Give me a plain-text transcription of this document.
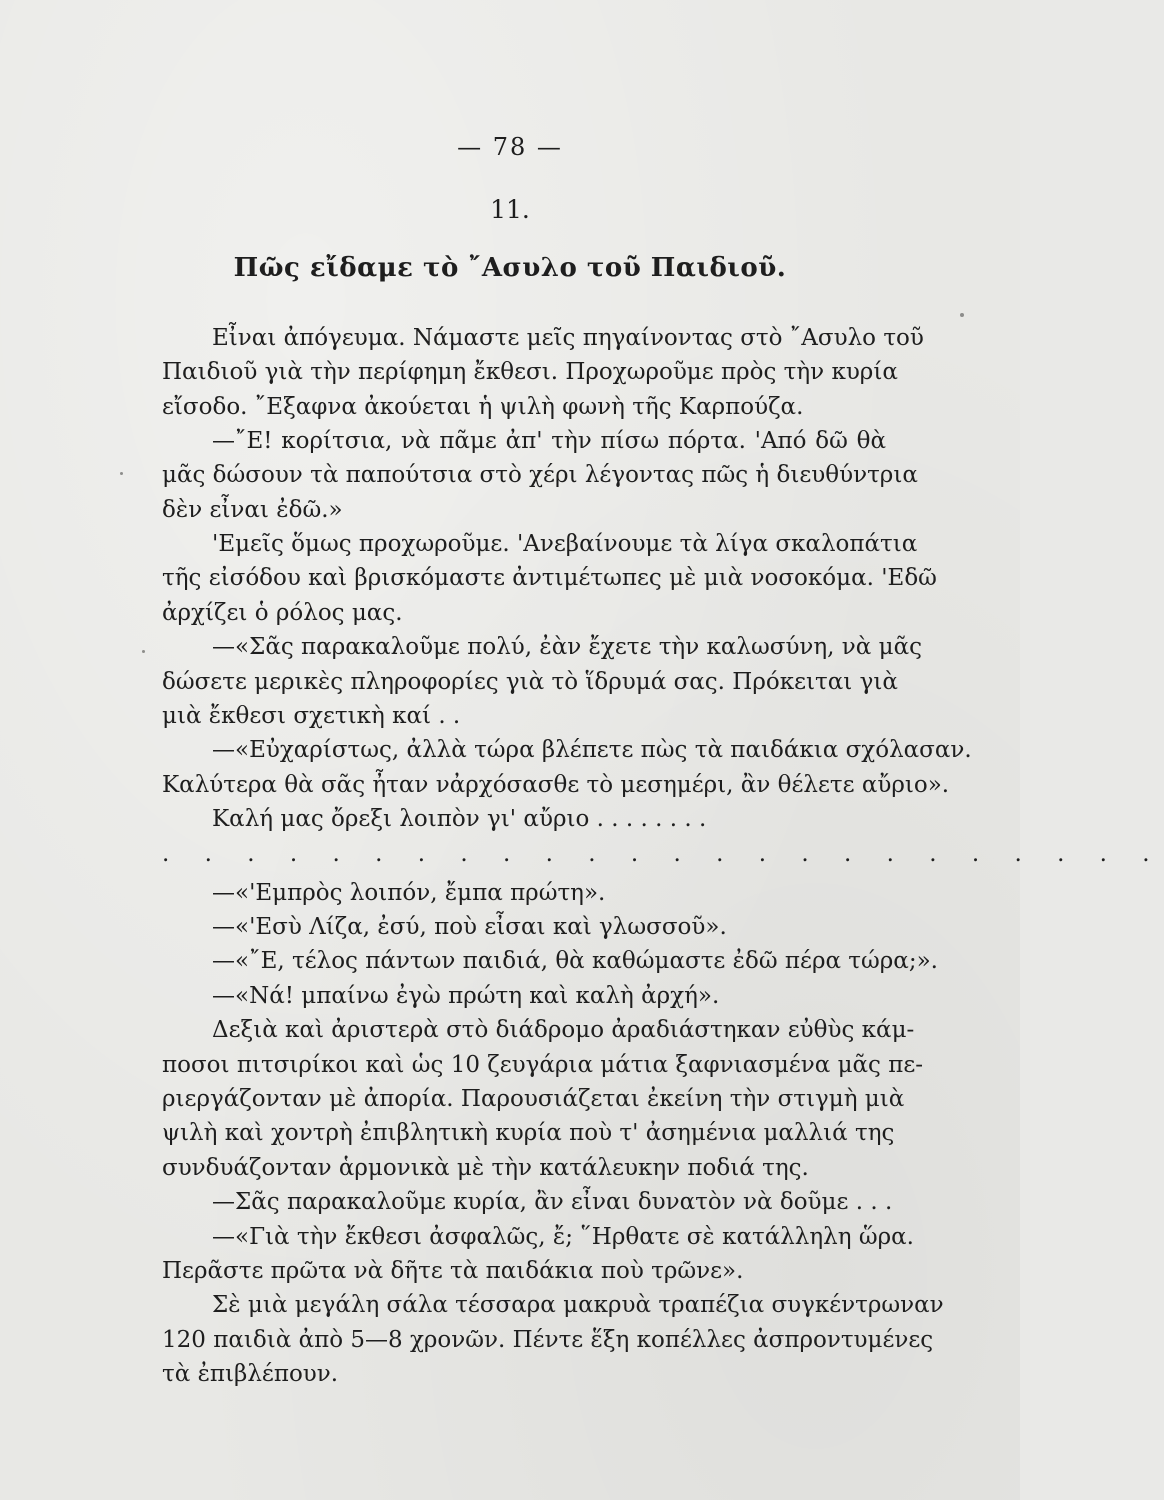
— 78 —
11.
Πῶς εἴδαμε τὸ ῎Ασυλο τοῦ Παιδιοῦ.
Εἶναι ἀπόγευμα. Νάμαστε μεῖς πηγαίνοντας στὸ ῎Ασυλο τοῦ
Παιδιοῦ γιὰ τὴν περίφημη ἔκθεσι. Προχωροῦμε πρὸς τὴν κυρία
εἴσοδο. ῎Εξαφνα ἀκούεται ἡ ψιλὴ φωνὴ τῆς Καρπούζα.
—῎Ε! κορίτσια, νὰ πᾶμε ἀπ' τὴν πίσω πόρτα. 'Από δῶ θὰ
μᾶς δώσουν τὰ παπούτσια στὸ χέρι λέγοντας πῶς ἡ διευθύντρια
δὲν εἶναι ἐδῶ.»
'Εμεῖς ὅμως προχωροῦμε. 'Ανεβαίνουμε τὰ λίγα σκαλοπάτια
τῆς εἰσόδου καὶ βρισκόμαστε ἀντιμέτωπες μὲ μιὰ νοσοκόμα. 'Εδῶ
ἀρχίζει ὁ ρόλος μας.
—«Σᾶς παρακαλοῦμε πολύ, ἐὰν ἔχετε τὴν καλωσύνη, νὰ μᾶς
δώσετε μερικὲς πληροφορίες γιὰ τὸ ἵδρυμά σας. Πρόκειται γιὰ
μιὰ ἔκθεσι σχετικὴ καί . .
—«Εὐχαρίστως, ἀλλὰ τώρα βλέπετε πὼς τὰ παιδάκια σχόλασαν.
Καλύτερα θὰ σᾶς ἦταν νἀρχόσασθε τὸ μεσημέρι, ἂν θέλετε αὔριο».
Καλή μας ὄρεξι λοιπὸν γι' αὔριο . . . . . . . .
. . . . . . . . . . . . . . . . . . . . . . . .
—«'Εμπρὸς λοιπόν, ἔμπα πρώτη».
—«'Εσὺ Λίζα, ἐσύ, ποὺ εἶσαι καὶ γλωσσοῦ».
—«῎Ε, τέλος πάντων παιδιά, θὰ καθώμαστε ἐδῶ πέρα τώρα;».
—«Νά! μπαίνω ἐγὼ πρώτη καὶ καλὴ ἀρχή».
Δεξιὰ καὶ ἀριστερὰ στὸ διάδρομο ἀραδιάστηκαν εὐθὺς κάμ-
ποσοι πιτσιρίκοι καὶ ὡς 10 ζευγάρια μάτια ξαφνιασμένα μᾶς πε-
ριεργάζονταν μὲ ἀπορία. Παρουσιάζεται ἐκείνη τὴν στιγμὴ μιὰ
ψιλὴ καὶ χοντρὴ ἐπιβλητικὴ κυρία ποὺ τ' ἀσημένια μαλλιά της
συνδυάζονταν ἁρμονικὰ μὲ τὴν κατάλευκην ποδιά της.
—Σᾶς παρακαλοῦμε κυρία, ἂν εἶναι δυνατὸν νὰ δοῦμε . . .
—«Γιὰ τὴν ἔκθεσι ἀσφαλῶς, ἔ; ῞Ηρθατε σὲ κατάλληλη ὥρα.
Περᾶστε πρῶτα νὰ δῆτε τὰ παιδάκια ποὺ τρῶνε».
Σὲ μιὰ μεγάλη σάλα τέσσαρα μακρυὰ τραπέζια συγκέντρωναν
120 παιδιὰ ἀπὸ 5—8 χρονῶν. Πέντε ἕξη κοπέλλες ἀσπροντυμένες
τὰ ἐπιβλέπουν.
